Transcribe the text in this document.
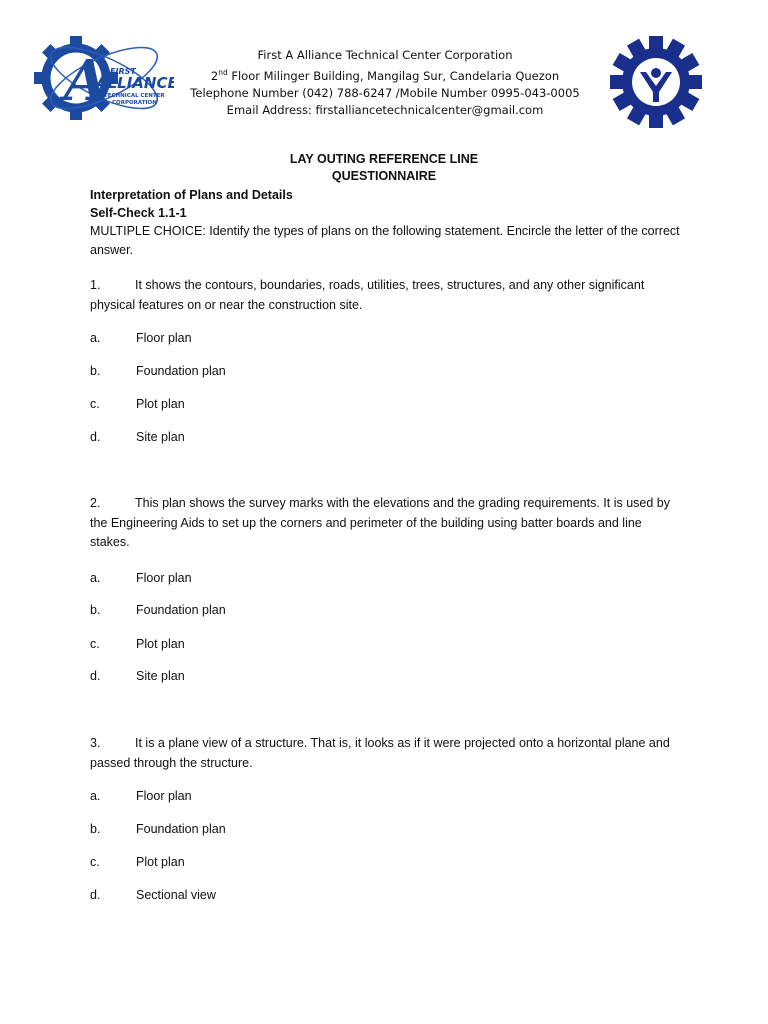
A FIRST
ALLIANCE
TECHNICAL CENTER
CORPORATION
First A Alliance Technical Center Corporation
2nd Floor Milinger Building, Mangilag Sur, Candelaria Quezon
Telephone Number (042) 788-6247 /Mobile Number 0995-043-0005
Email Address: firstalliancetechnicalcenter@gmail.com
LAY OUTING REFERENCE LINE
QUESTIONNAIRE
Interpretation of Plans and Details
Self-Check 1.1-1
MULTIPLE CHOICE: Identify the types of plans on the following statement. Encircle the letter of the correct answer.
1.	It shows the contours, boundaries, roads, utilities, trees, structures, and any other significant physical features on or near the construction site.
a.	Floor plan
b.	Foundation plan
c.	Plot plan
d.	Site plan
2.	This plan shows the survey marks with the elevations and the grading requirements. It is used by the Engineering Aids to set up the corners and perimeter of the building using batter boards and line stakes.
a.	Floor plan
b.	Foundation plan
c.	Plot plan
d.	Site plan
3.	It is a plane view of a structure. That is, it looks as if it were projected onto a horizontal plane and passed through the structure.
a.	Floor plan
b.	Foundation plan
c.	Plot plan
d.	Sectional view
